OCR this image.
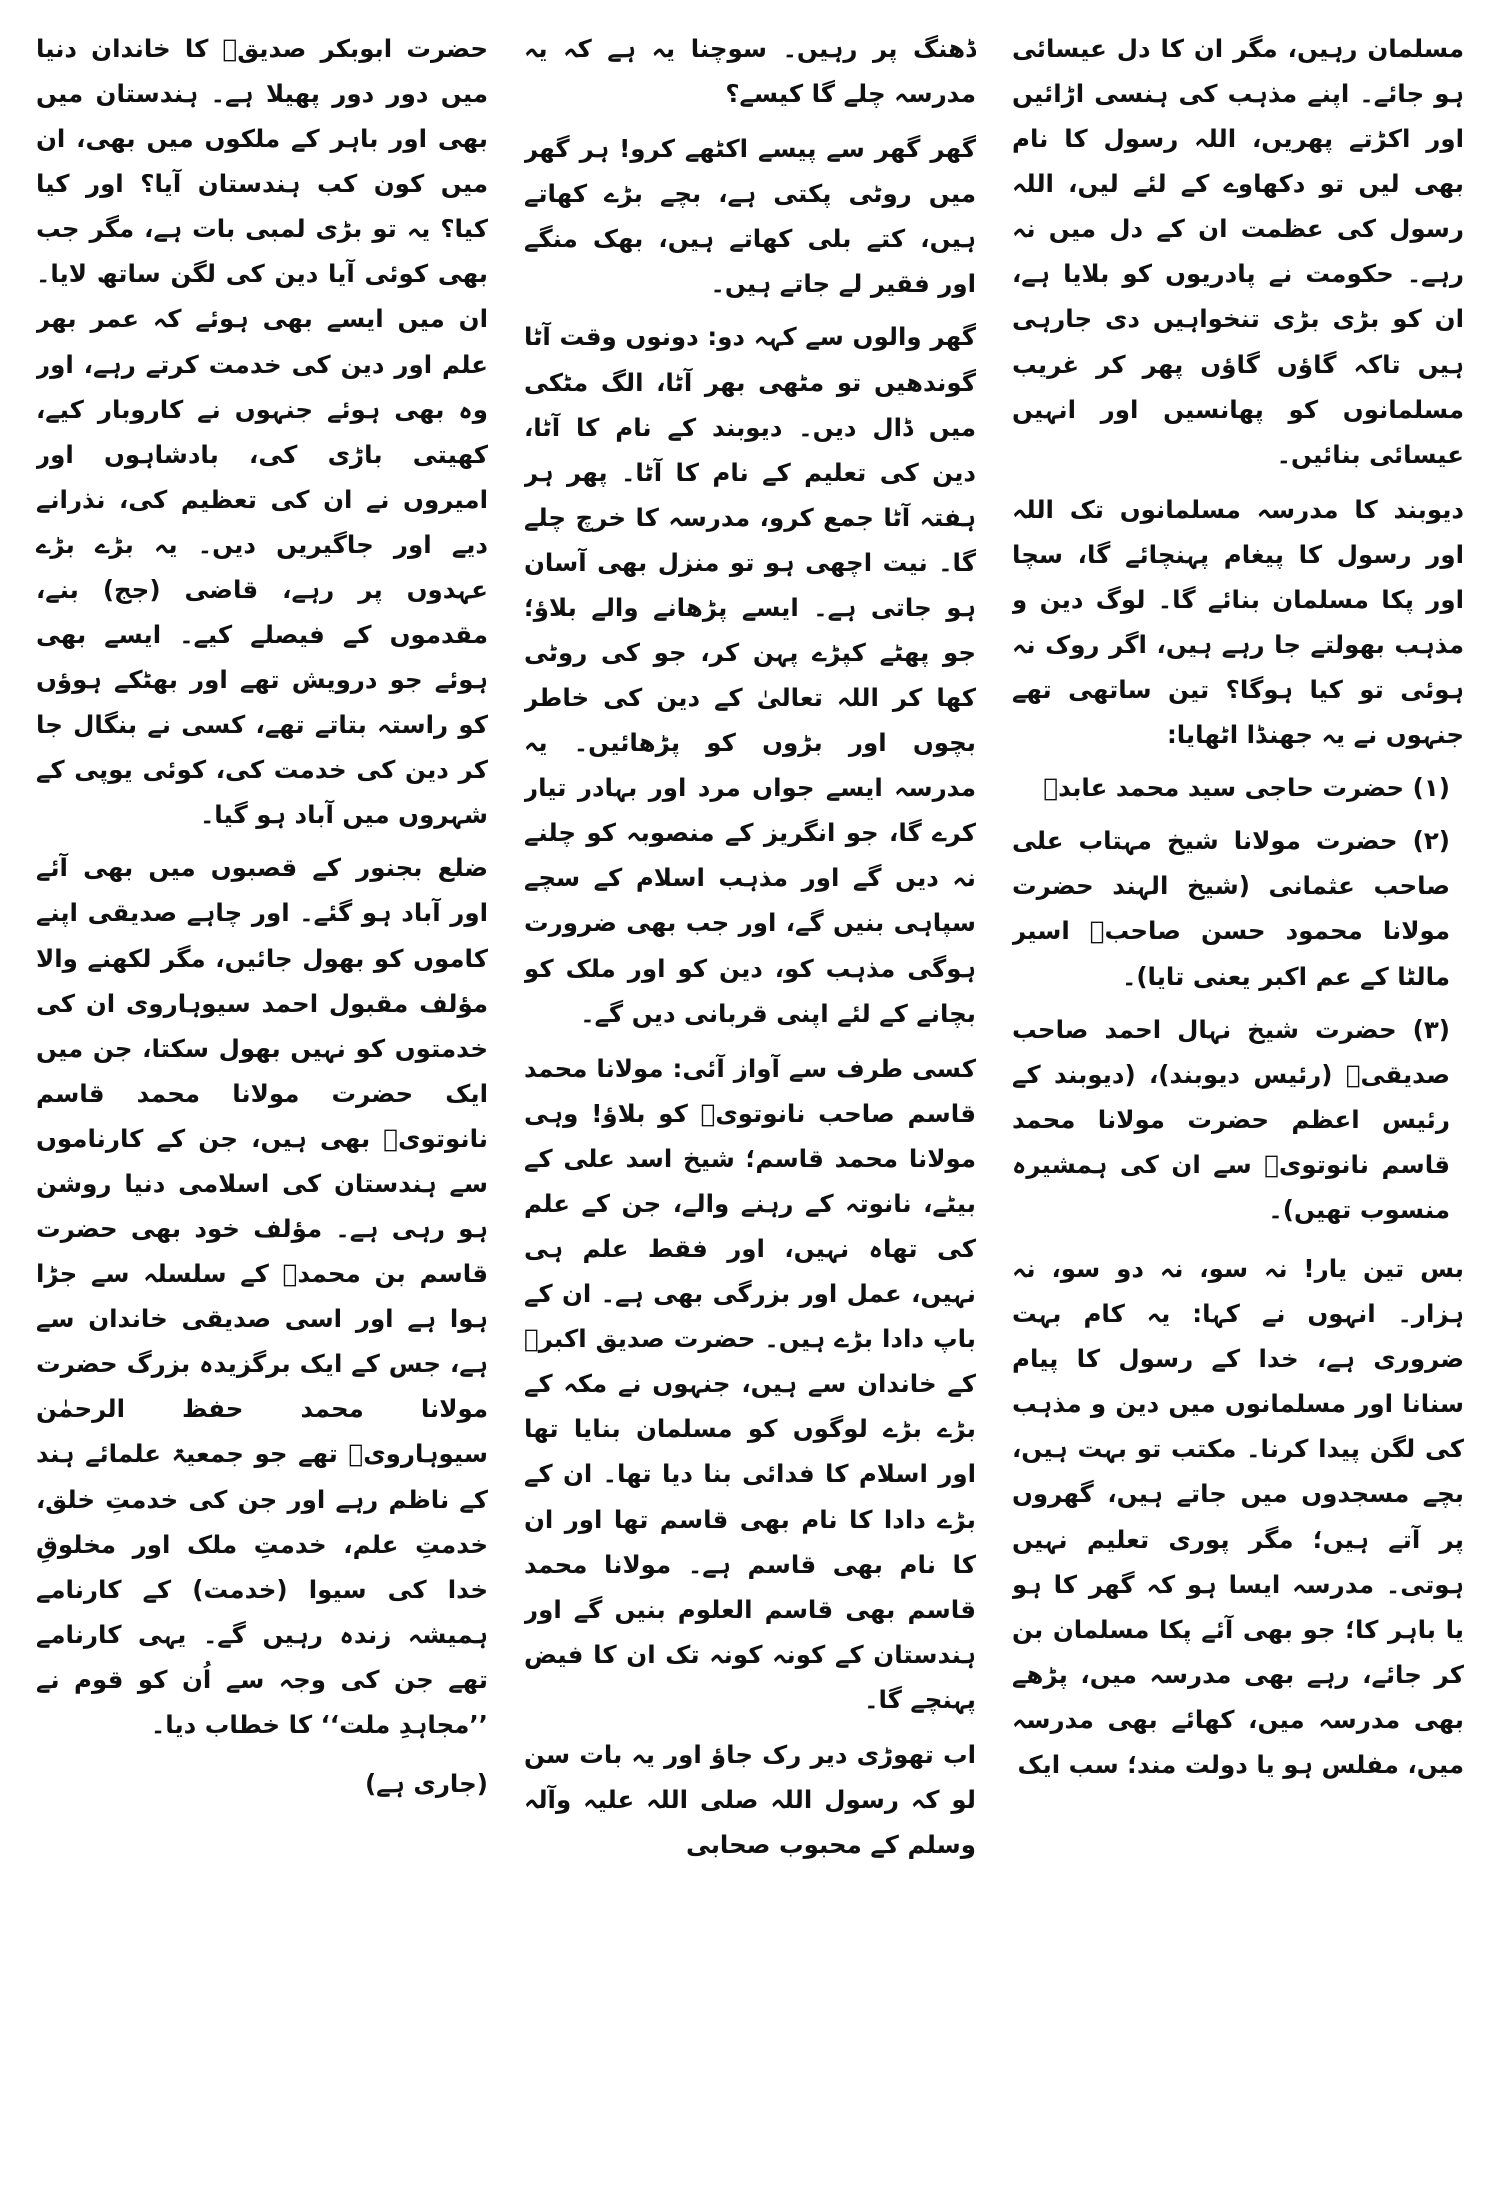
مسلمان رہیں، مگر ان کا دل عیسائی ہو جائے۔ اپنے مذہب کی ہنسی اڑائیں اور اکڑتے پھریں، اللہ رسول کا نام بھی لیں تو دکھاوے کے لئے لیں، اللہ رسول کی عظمت ان کے دل میں نہ رہے۔ حکومت نے پادریوں کو بلایا ہے، ان کو بڑی بڑی تنخواہیں دی جارہی ہیں تاکہ گاؤں گاؤں پھر کر غریب مسلمانوں کو پھانسیں اور انہیں عیسائی بنائیں۔

دیوبند کا مدرسہ مسلمانوں تک اللہ اور رسول کا پیغام پہنچائے گا، سچا اور پکا مسلمان بنائے گا۔ لوگ دین و مذہب بھولتے جا رہے ہیں، اگر روک نہ ہوئی تو کیا ہوگا؟ تین ساتھی تھے جنہوں نے یہ جھنڈا اٹھایا:

(۱) حضرت حاجی سید محمد عابدؒ

(۲) حضرت مولانا شیخ مہتاب علی صاحب عثمانی (شیخ الہند حضرت مولانا محمود حسن صاحبؒ اسیر مالٹا کے عم اکبر یعنی تایا)۔

(۳) حضرت شیخ نہال احمد صاحب صدیقیؒ (رئیس دیوبند)، (دیوبند کے رئیس اعظم حضرت مولانا محمد قاسم نانوتویؒ سے ان کی ہمشیرہ منسوب تھیں)۔

بس تین یار! نہ سو، نہ دو سو، نہ ہزار۔ انہوں نے کہا: یہ کام بہت ضروری ہے، خدا کے رسول کا پیام سنانا اور مسلمانوں میں دین و مذہب کی لگن پیدا کرنا۔ مکتب تو بہت ہیں، بچے مسجدوں میں جاتے ہیں، گھروں پر آتے ہیں؛ مگر پوری تعلیم نہیں ہوتی۔ مدرسہ ایسا ہو کہ گھر کا ہو یا باہر کا؛ جو بھی آئے پکا مسلمان بن کر جائے، رہے بھی مدرسہ میں، پڑھے بھی مدرسہ میں، کھائے بھی مدرسہ میں، مفلس ہو یا دولت مند؛ سب ایک

ڈھنگ پر رہیں۔ سوچنا یہ ہے کہ یہ مدرسہ چلے گا کیسے؟

گھر گھر سے پیسے اکٹھے کرو! ہر گھر میں روٹی پکتی ہے، بچے بڑے کھاتے ہیں، کتے بلی کھاتے ہیں، بھک منگے اور فقیر لے جاتے ہیں۔

گھر والوں سے کہہ دو: دونوں وقت آٹا گوندھیں تو مٹھی بھر آٹا، الگ مٹکی میں ڈال دیں۔ دیوبند کے نام کا آٹا، دین کی تعلیم کے نام کا آٹا۔ پھر ہر ہفتہ آٹا جمع کرو، مدرسہ کا خرچ چلے گا۔ نیت اچھی ہو تو منزل بھی آسان ہو جاتی ہے۔ ایسے پڑھانے والے بلاؤ؛ جو پھٹے کپڑے پہن کر، جو کی روٹی کھا کر اللہ تعالیٰ کے دین کی خاطر بچوں اور بڑوں کو پڑھائیں۔ یہ مدرسہ ایسے جواں مرد اور بہادر تیار کرے گا، جو انگریز کے منصوبہ کو چلنے نہ دیں گے اور مذہب اسلام کے سچے سپاہی بنیں گے، اور جب بھی ضرورت ہوگی مذہب کو، دین کو اور ملک کو بچانے کے لئے اپنی قربانی دیں گے۔

کسی طرف سے آواز آئی: مولانا محمد قاسم صاحب نانوتویؒ کو بلاؤ! وہی مولانا محمد قاسم؛ شیخ اسد علی کے بیٹے، نانوتہ کے رہنے والے، جن کے علم کی تھاہ نہیں، اور فقط علم ہی نہیں، عمل اور بزرگی بھی ہے۔ ان کے باپ دادا بڑے ہیں۔ حضرت صدیق اکبرؓ کے خاندان سے ہیں، جنہوں نے مکہ کے بڑے بڑے لوگوں کو مسلمان بنایا تھا اور اسلام کا فدائی بنا دیا تھا۔ ان کے بڑے دادا کا نام بھی قاسم تھا اور ان کا نام بھی قاسم ہے۔ مولانا محمد قاسم بھی قاسم العلوم بنیں گے اور ہندستان کے کونہ کونہ تک ان کا فیض پہنچے گا۔

اب تھوڑی دیر رک جاؤ اور یہ بات سن لو کہ رسول اللہ صلی اللہ علیہ وآلہ وسلم کے محبوب صحابی

حضرت ابوبکر صدیقؓ کا خاندان دنیا میں دور دور پھیلا ہے۔ ہندستان میں بھی اور باہر کے ملکوں میں بھی، ان میں کون کب ہندستان آیا؟ اور کیا کیا؟ یہ تو بڑی لمبی بات ہے، مگر جب بھی کوئی آیا دین کی لگن ساتھ لایا۔ ان میں ایسے بھی ہوئے کہ عمر بھر علم اور دین کی خدمت کرتے رہے، اور وہ بھی ہوئے جنہوں نے کاروبار کیے، کھیتی باڑی کی، بادشاہوں اور امیروں نے ان کی تعظیم کی، نذرانے دیے اور جاگیریں دیں۔ یہ بڑے بڑے عہدوں پر رہے، قاضی (جج) بنے، مقدموں کے فیصلے کیے۔ ایسے بھی ہوئے جو درویش تھے اور بھٹکے ہوؤں کو راستہ بتاتے تھے، کسی نے بنگال جا کر دین کی خدمت کی، کوئی یوپی کے شہروں میں آباد ہو گیا۔

ضلع بجنور کے قصبوں میں بھی آئے اور آباد ہو گئے۔ اور چاہے صدیقی اپنے کاموں کو بھول جائیں، مگر لکھنے والا مؤلف مقبول احمد سیوہاروی ان کی خدمتوں کو نہیں بھول سکتا، جن میں ایک حضرت مولانا محمد قاسم نانوتویؒ بھی ہیں، جن کے کارناموں سے ہندستان کی اسلامی دنیا روشن ہو رہی ہے۔ مؤلف خود بھی حضرت قاسم بن محمدؒ کے سلسلہ سے جڑا ہوا ہے اور اسی صدیقی خاندان سے ہے، جس کے ایک برگزیدہ بزرگ حضرت مولانا محمد حفظ الرحمٰن سیوہارویؒ تھے جو جمعیۃ علمائے ہند کے ناظم رہے اور جن کی خدمتِ خلق، خدمتِ علم، خدمتِ ملک اور مخلوقِ خدا کی سیوا (خدمت) کے کارنامے ہمیشہ زندہ رہیں گے۔ یہی کارنامے تھے جن کی وجہ سے اُن کو قوم نے ’’مجاہدِ ملت‘‘ کا خطاب دیا۔

(جاری ہے)
